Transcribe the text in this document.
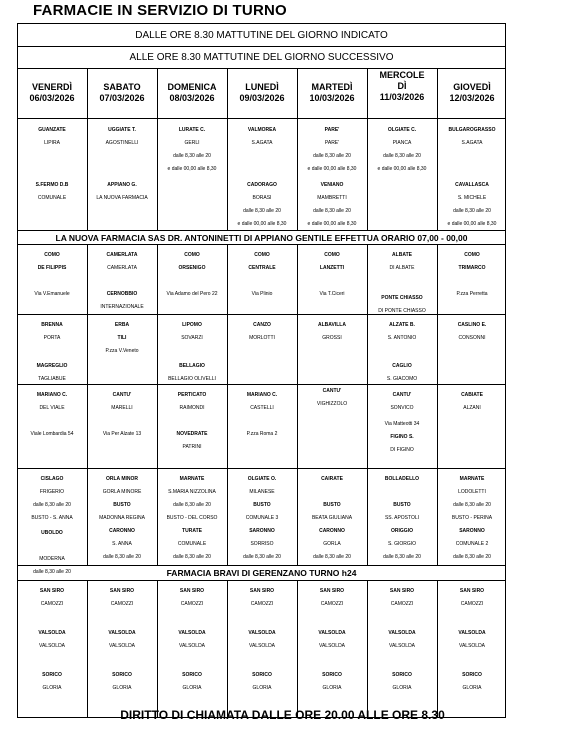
FARMACIE IN SERVIZIO DI TURNO
DALLE ORE 8.30 MATTUTINE DEL GIORNO INDICATO
ALLE ORE 8.30 MATTUTINE DEL GIORNO SUCCESSIVO
VENERDÌ
06/03/2026
SABATO
07/03/2026
DOMENICA
08/03/2026
LUNEDÌ
09/03/2026
MARTEDÌ
10/03/2026
MERCOLEDÌ
11/03/2026
GIOVEDÌ
12/03/2026
LA NUOVA FARMACIA SAS DR. ANTONINETTI DI APPIANO GENTILE EFFETTUA ORARIO 07,00 - 00,00
FARMACIA BRAVI DI GERENZANO TURNO h24
GUANZATE
LIPIRA
UGGIATE T.
AGOSTINELLI
LURATE C.
GERLI
dalle 8,30 alle 20
e dalle 00,00 alle 8,30
VALMOREA
S.AGATA
PARE'
PARE'
dalle 8,30 alle 20
e dalle 00,00 alle 8,30
OLGIATE C.
PIANCA
dalle 8,30 alle 20
e dalle 00,00 alle 8,30
BULGAROGRASSO
S.AGATA
S.FERMO D.B
COMUNALE
APPIANO G.
LA NUOVA FARMACIA
CADORAGO
BORASI
dalle 8,30 alle 20
e dalle 00,00 alle 8,30
VENIANO
MAMBRETTI
dalle 8,30 alle 20
e dalle 00,00 alle 8,30
CAVALLASCA
S. MICHELE
dalle 8,30 alle 20
e dalle 00,00 alle 8,30
COMO
DE FILIPPIS

Via V.Emanuele
CAMERLATA
CAMERLATA
CERNOBBIO
INTERNAZIONALE
COMO
ORSENIGO

Via Adamo del Pero 22
COMO
CENTRALE

Via Plinio
COMO
LANZETTI

Via T.Ciceri
ALBATE
DI ALBATE
PONTE CHIASSO
DI PONTE CHIASSO
COMO
TRIMARCO

P.zza Perretta
BRENNA
PORTA
MAGREGLIO
TAGLIABUE
ERBA
TILI
P.zza V.Veneto
LIPOMO
SOVARZI
BELLAGIO
BELLAGIO OLIVELLI
CANZO
MORLOTTI
ALBAVILLA
GROSSI
ALZATE B.
S. ANTONIO
CAGLIO
S. GIACOMO
CASLINO E.
CONSONNI
MARIANO C.
DEL VIALE

Viale Lombardia 54
CANTU'
MARELLI

Via Per Alzate 13
PERTICATO
RAIMONDI
NOVEDRATE
PATRINI
MARIANO C.
CASTELLI

P.zza Roma 2
CANTU'
VIGHIZZOLO
CANTU'
SONVICO
Via Matteotti 34
FIGINO S.
DI FIGINO
CABIATE
ALZANI
CISLAGO
FRIGERIO
dalle 8,30 alle 20
BUSTO - S. ANNA
UBOLDO

MODERNA
dalle 8,30 alle 20
ORLA MINOR
GORLA MINORE
BUSTO
MADONNA REGINA
CARONNO
S. ANNA
dalle 8,30 alle 20
MARNATE
S.MARIA NIZZOLINA
dalle 8,30 alle 20
BUSTO - DEL CORSO
TURATE
COMUNALE
dalle 8,30 alle 20
OLGIATE O.
MILANESE
BUSTO
COMUNALE 3
SARONNO
SORRISO
dalle 8,30 alle 20
CAIRATE

BUSTO
BEATA GIULIANA
CARONNO
GORLA
dalle 8,30 alle 20
BOLLADELLO

BUSTO
SS. APOSTOLI
ORIGGIO
S. GIORGIO
dalle 8,30 alle 20
MARNATE
LODOLETTI
dalle 8,30 alle 20
BUSTO - PERINA
SARONNO
COMUNALE 2
dalle 8,30 alle 20
SAN SIRO
CAMOZZI
SAN SIRO
CAMOZZI
SAN SIRO
CAMOZZI
SAN SIRO
CAMOZZI
SAN SIRO
CAMOZZI
SAN SIRO
CAMOZZI
SAN SIRO
CAMOZZI
VALSOLDA
VALSOLDA
VALSOLDA
VALSOLDA
VALSOLDA
VALSOLDA
VALSOLDA
VALSOLDA
VALSOLDA
VALSOLDA
VALSOLDA
VALSOLDA
VALSOLDA
VALSOLDA
SORICO
GLORIA
SORICO
GLORIA
SORICO
GLORIA
SORICO
GLORIA
SORICO
GLORIA
SORICO
GLORIA
SORICO
GLORIA
DIRITTO DI CHIAMATA DALLE ORE 20.00 ALLE ORE 8.30
